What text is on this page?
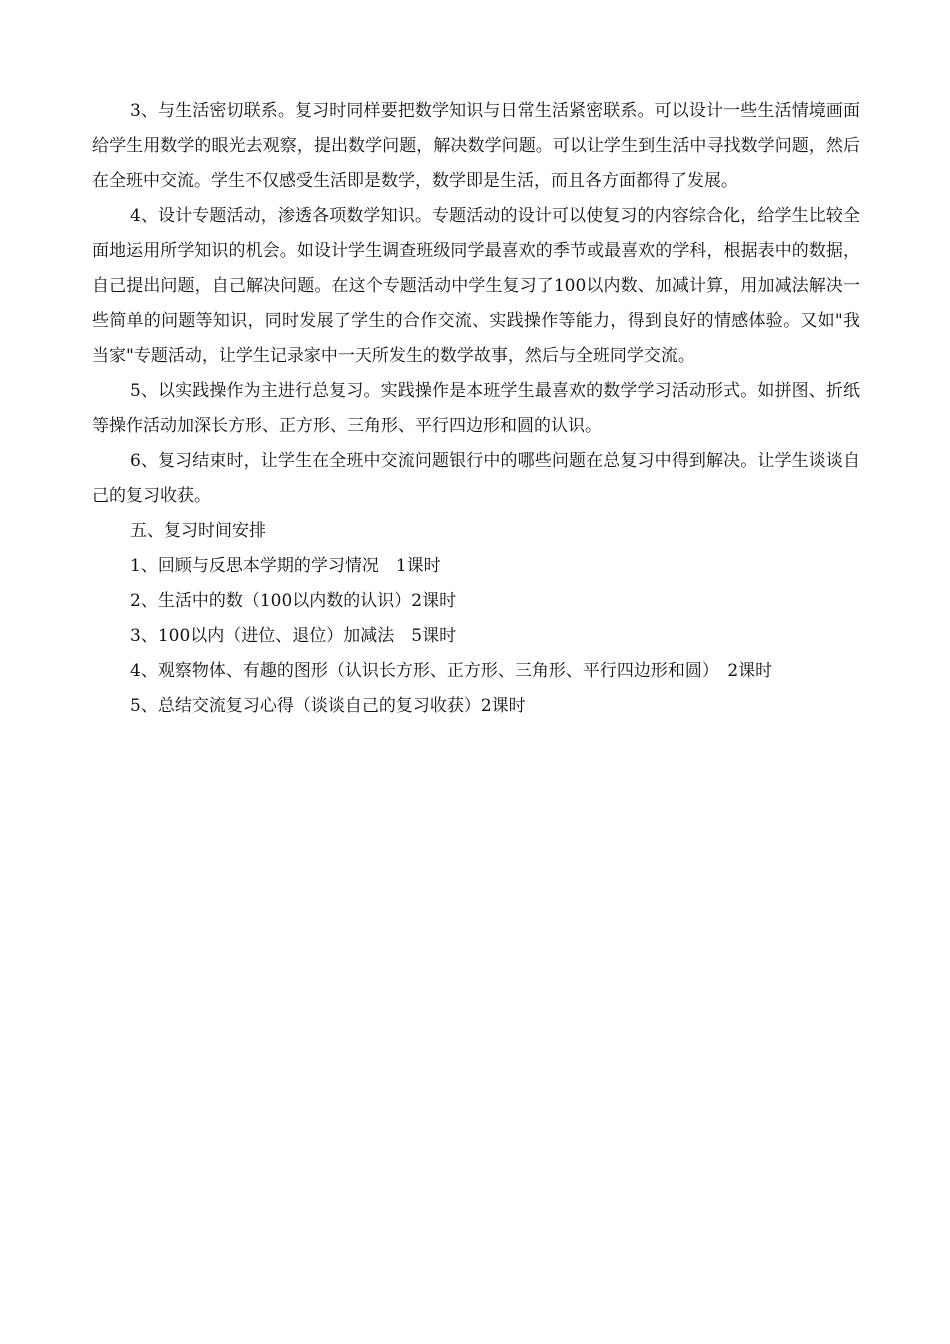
3、与生活密切联系。复习时同样要把数学知识与日常生活紧密联系。可以设计一些生活情境画面给学生用数学的眼光去观察，提出数学问题，解决数学问题。可以让学生到生活中寻找数学问题，然后在全班中交流。学生不仅感受生活即是数学，数学即是生活，而且各方面都得了发展。

4、设计专题活动，渗透各项数学知识。专题活动的设计可以使复习的内容综合化，给学生比较全面地运用所学知识的机会。如设计学生调查班级同学最喜欢的季节或最喜欢的学科，根据表中的数据，自己提出问题，自己解决问题。在这个专题活动中学生复习了100以内数、加减计算，用加减法解决一些简单的问题等知识，同时发展了学生的合作交流、实践操作等能力，得到良好的情感体验。又如"我当家"专题活动，让学生记录家中一天所发生的数学故事，然后与全班同学交流。

5、以实践操作为主进行总复习。实践操作是本班学生最喜欢的数学学习活动形式。如拼图、折纸等操作活动加深长方形、正方形、三角形、平行四边形和圆的认识。

6、复习结束时，让学生在全班中交流问题银行中的哪些问题在总复习中得到解决。让学生谈谈自己的复习收获。

五、复习时间安排

1、回顾与反思本学期的学习情况　1课时

2、生活中的数（100以内数的认识）2课时

3、100以内（进位、退位）加减法　5课时

4、观察物体、有趣的图形（认识长方形、正方形、三角形、平行四边形和圆）　2课时

5、总结交流复习心得（谈谈自己的复习收获）2课时
